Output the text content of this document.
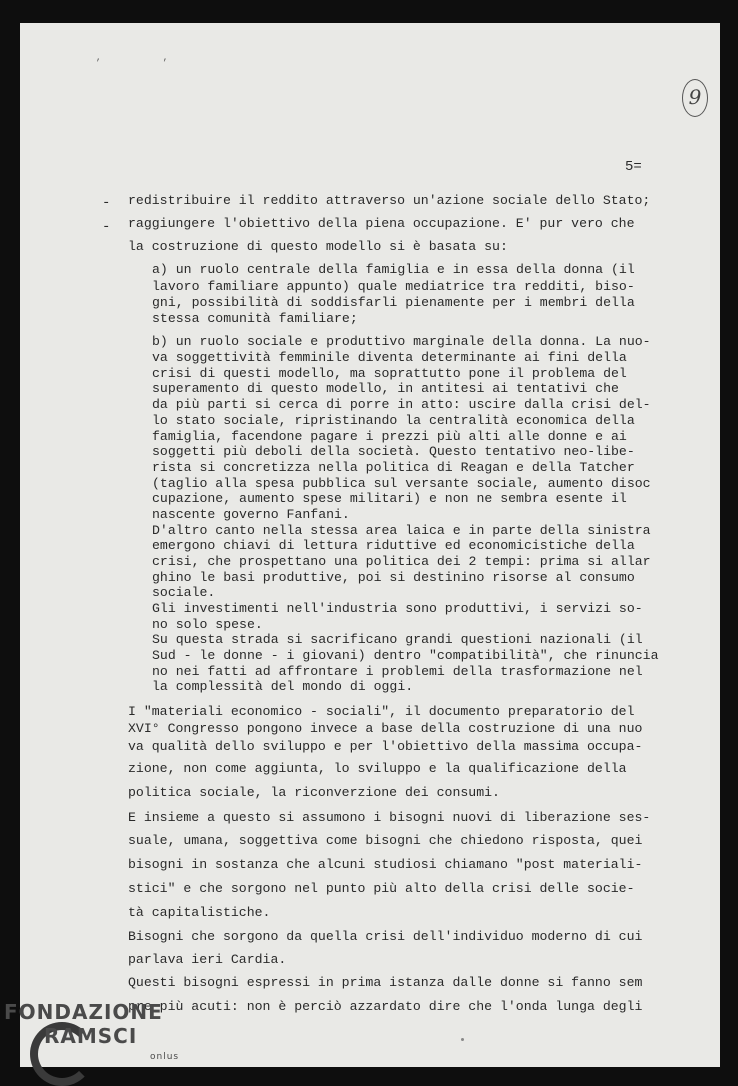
, ,
9
5=
- redistribuire il reddito attraverso un'azione sociale dello Stato;
- raggiungere l'obiettivo della piena occupazione. E' pur vero che
la costruzione di questo modello si è basata su:
a) un ruolo centrale della famiglia e in essa della donna (il
lavoro familiare appunto) quale mediatrice tra redditi, biso-
gni, possibilità di soddisfarli pienamente per i membri della
stessa comunità familiare;
b) un ruolo sociale e produttivo marginale della donna. La nuo-
va soggettività femminile diventa determinante ai fini della
crisi di questi modello, ma soprattutto pone il problema del
superamento di questo modello, in antitesi ai tentativi che
da più parti si cerca di porre in atto: uscire dalla crisi del-
lo stato sociale, ripristinando la centralità economica della
famiglia, facendone pagare i prezzi più alti alle donne e ai
soggetti più deboli della società. Questo tentativo neo-libe-
rista si concretizza nella politica di Reagan e della Tatcher
(taglio alla spesa pubblica sul versante sociale, aumento disoc
cupazione, aumento spese militari) e non ne sembra esente il
nascente governo Fanfani.
D'altro canto nella stessa area laica e in parte della sinistra
emergono chiavi di lettura riduttive ed economicistiche della
crisi, che prospettano una politica dei 2 tempi: prima si allar
ghino le basi produttive, poi si destinino risorse al consumo
sociale.
Gli investimenti nell'industria sono produttivi, i servizi so-
no solo spese.
Su questa strada si sacrificano grandi questioni nazionali (il
Sud - le donne - i giovani) dentro "compatibilità", che rinuncia
no nei fatti ad affrontare i problemi della trasformazione nel
la complessità del mondo di oggi.
I "materiali economico - sociali", il documento preparatorio del
XVI° Congresso pongono invece a base della costruzione di una nuo
va qualità dello sviluppo e per l'obiettivo della massima occupa-
zione, non come aggiunta, lo sviluppo e la qualificazione della
politica sociale, la riconverzione dei consumi.
E insieme a questo si assumono i bisogni nuovi di liberazione ses-
suale, umana, soggettiva come bisogni che chiedono risposta, quei
bisogni in sostanza che alcuni studiosi chiamano "post materiali-
stici" e che sorgono nel punto più alto della crisi delle socie-
tà capitalistiche.
Bisogni che sorgono da quella crisi dell'individuo moderno di cui
parlava ieri Cardia.
Questi bisogni espressi in prima istanza dalle donne si fanno sem
pre più acuti: non è perciò azzardato dire che l'onda lunga degli
FONDAZIONE
RAMSCI
onlus
